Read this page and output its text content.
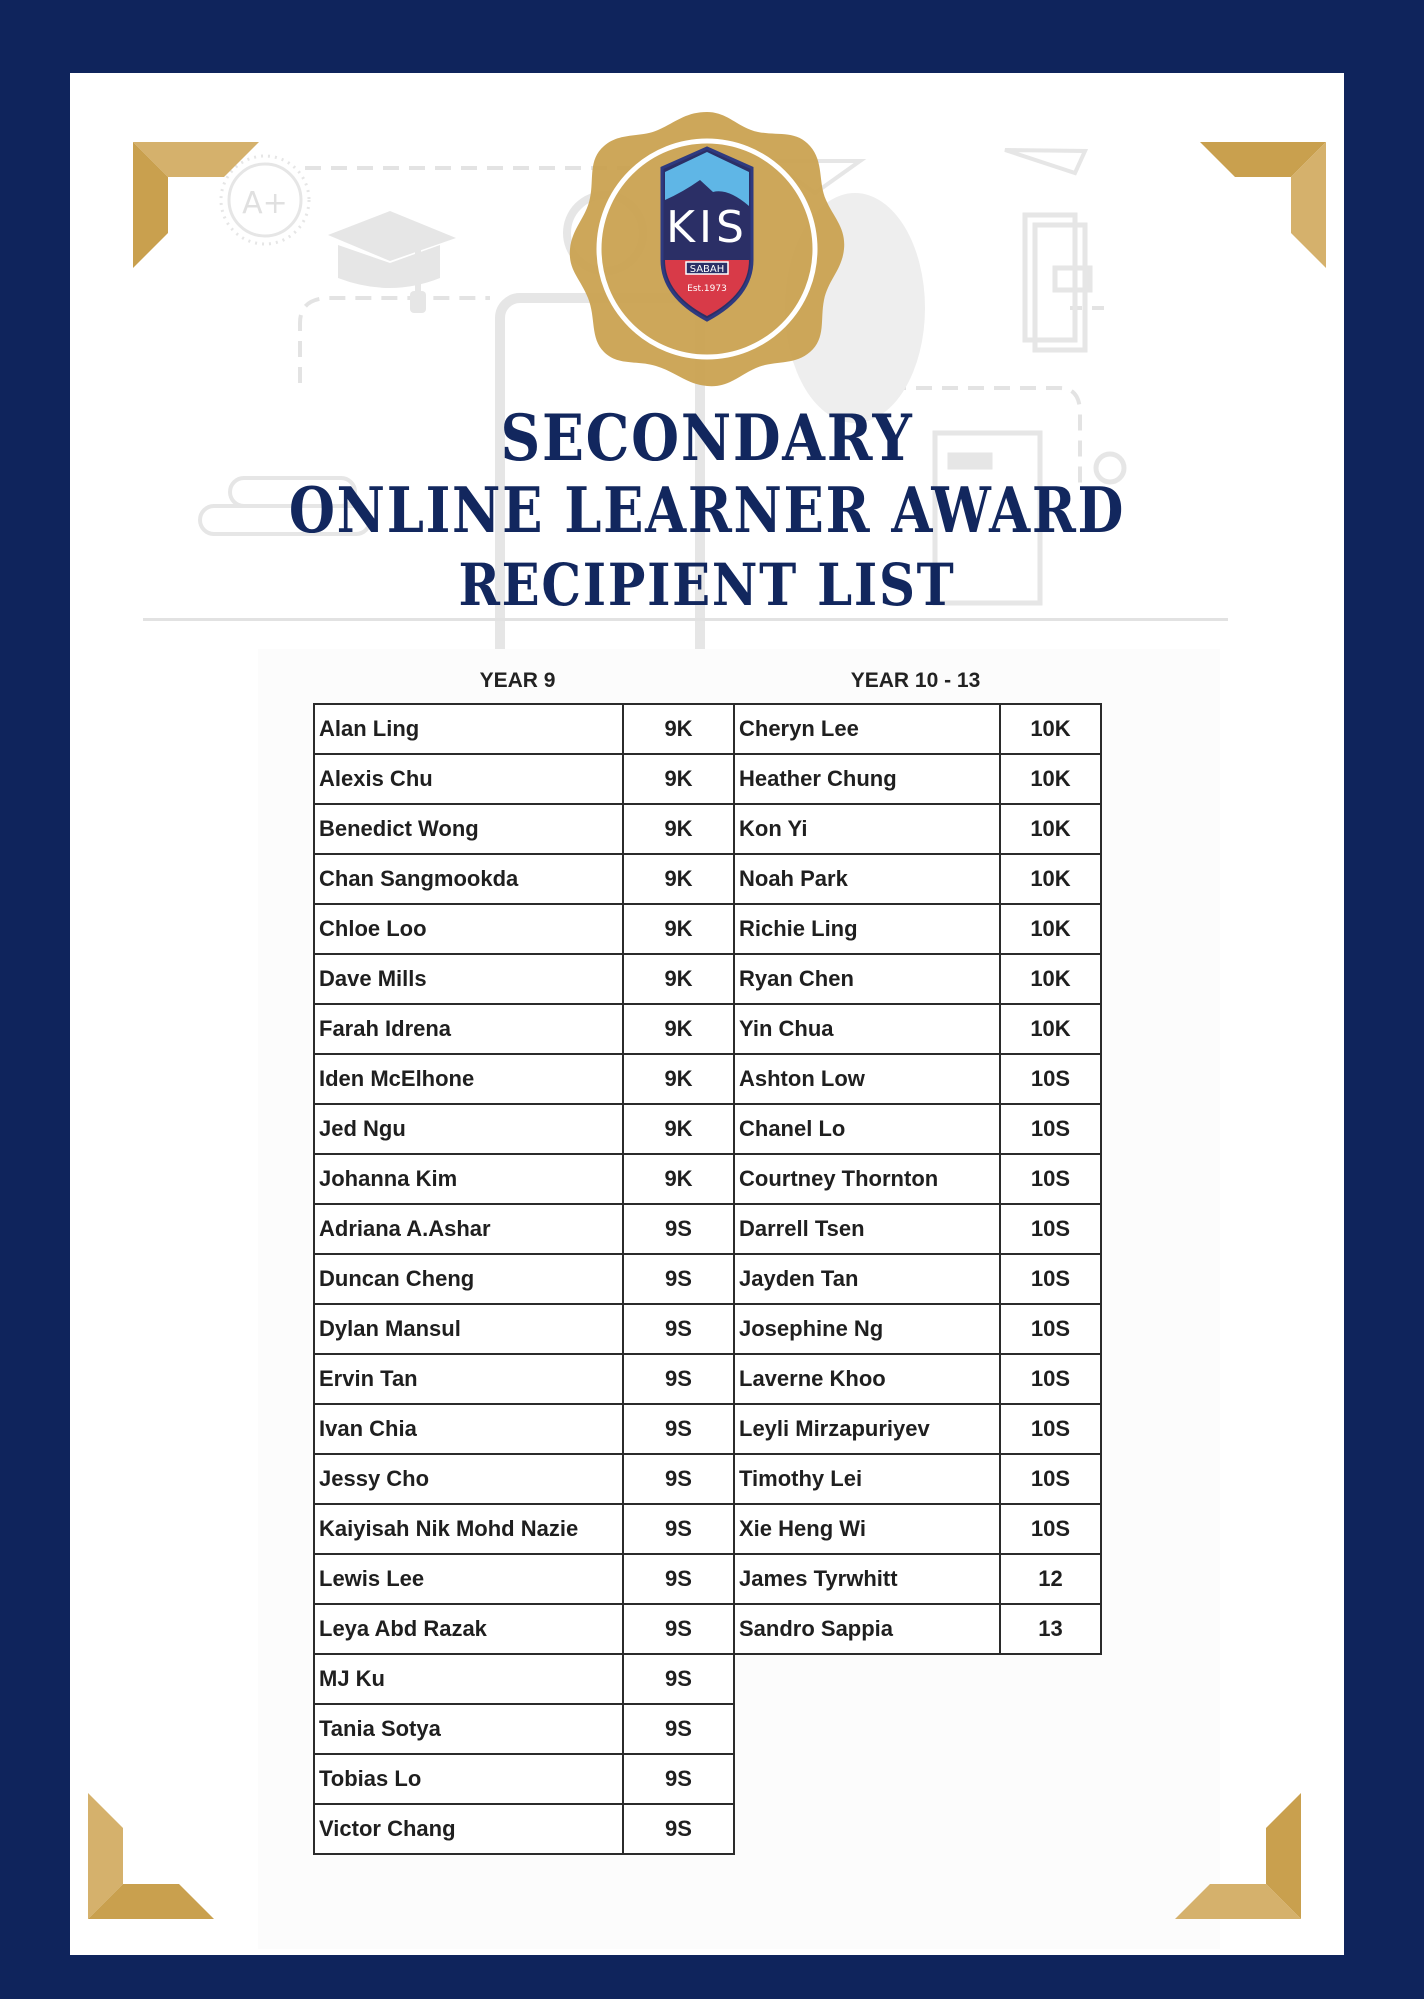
A+	KIS
SABAH
Est.1973
SECONDARY
ONLINE LEARNER AWARD
RECIPIENT LIST
YEAR 9	YEAR 10 - 13
Alan Ling	9K
Alexis Chu	9K
Benedict Wong	9K
Chan Sangmookda	9K
Chloe Loo	9K
Dave Mills	9K
Farah Idrena	9K
Iden McElhone	9K
Jed Ngu	9K
Johanna Kim	9K
Adriana A.Ashar	9S
Duncan Cheng	9S
Dylan Mansul	9S
Ervin Tan	9S
Ivan Chia	9S
Jessy Cho	9S
Kaiyisah Nik Mohd Nazie	9S
Lewis Lee	9S
Leya Abd Razak	9S
MJ Ku	9S
Tania Sotya	9S
Tobias Lo	9S
Victor Chang	9S
Cheryn Lee	10K
Heather Chung	10K
Kon Yi	10K
Noah Park	10K
Richie Ling	10K
Ryan Chen	10K
Yin Chua	10K
Ashton Low	10S
Chanel Lo	10S
Courtney Thornton	10S
Darrell Tsen	10S
Jayden Tan	10S
Josephine Ng	10S
Laverne Khoo	10S
Leyli Mirzapuriyev	10S
Timothy Lei	10S
Xie Heng Wi	10S
James Tyrwhitt	12
Sandro Sappia	13
